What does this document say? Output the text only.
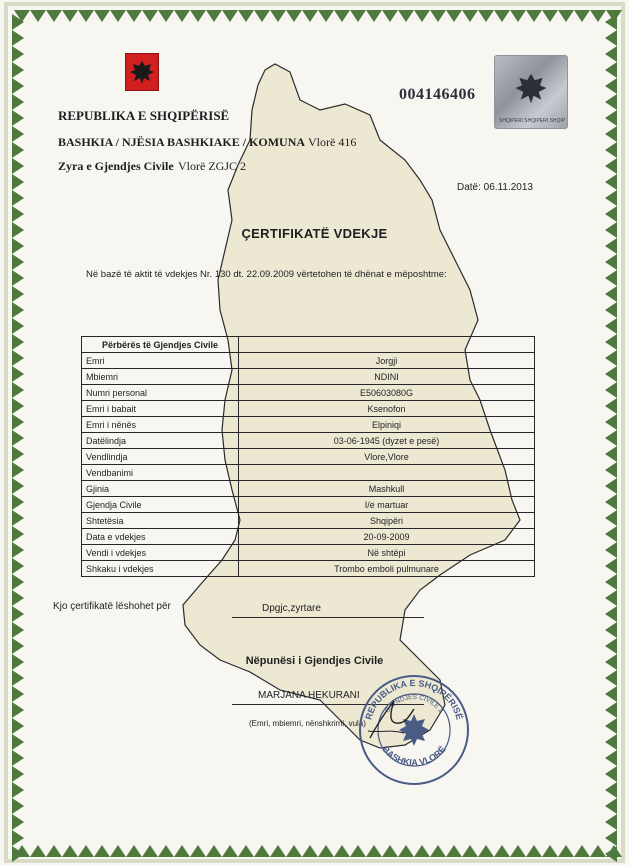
SHQIPERI SHQIPERI SHQIP
004146406
REPUBLIKA E SHQIPËRISË
BASHKIA / NJËSIA BASHKIAKE / KOMUNA Vlorë 416
Zyra e Gjendjes Civile Vlorë ZGJC 2
Datë: 06.11.2013
ÇERTIFIKATË VDEKJE
Në bazë të aktit të vdekjes Nr. 130 dt. 22.09.2009 vërtetohen të dhënat e mëposhtme:
Përbërës të Gjendjes Civile	
Emri	Jorgji
Mbiemri	NDINI
Numri personal	E50603080G
Emri i babait	Ksenofon
Emri i nënës	Elpiniqi
Datëlindja	03-06-1945 (dyzet e pesë)
Vendlindja	Vlore,Vlore
Vendbanimi	
Gjinia	Mashkull
Gjendja Civile	I/e martuar
Shtetësia	Shqipëri
Data e vdekjes	20-09-2009
Vendi i vdekjes	Në shtëpi
Shkaku i vdekjes	Trombo emboli pulmunare
Kjo çertifikatë lëshohet për	Dpgjc,zyrtare
Nëpunësi i Gjendjes Civile
MARJANA HEKURANI
(Emri, mbiemri, nënshkrimi, vula)
REPUBLIKA E SHQIPËRISË
GJENDJES CIVILE 2
BASHKIA VLORË
